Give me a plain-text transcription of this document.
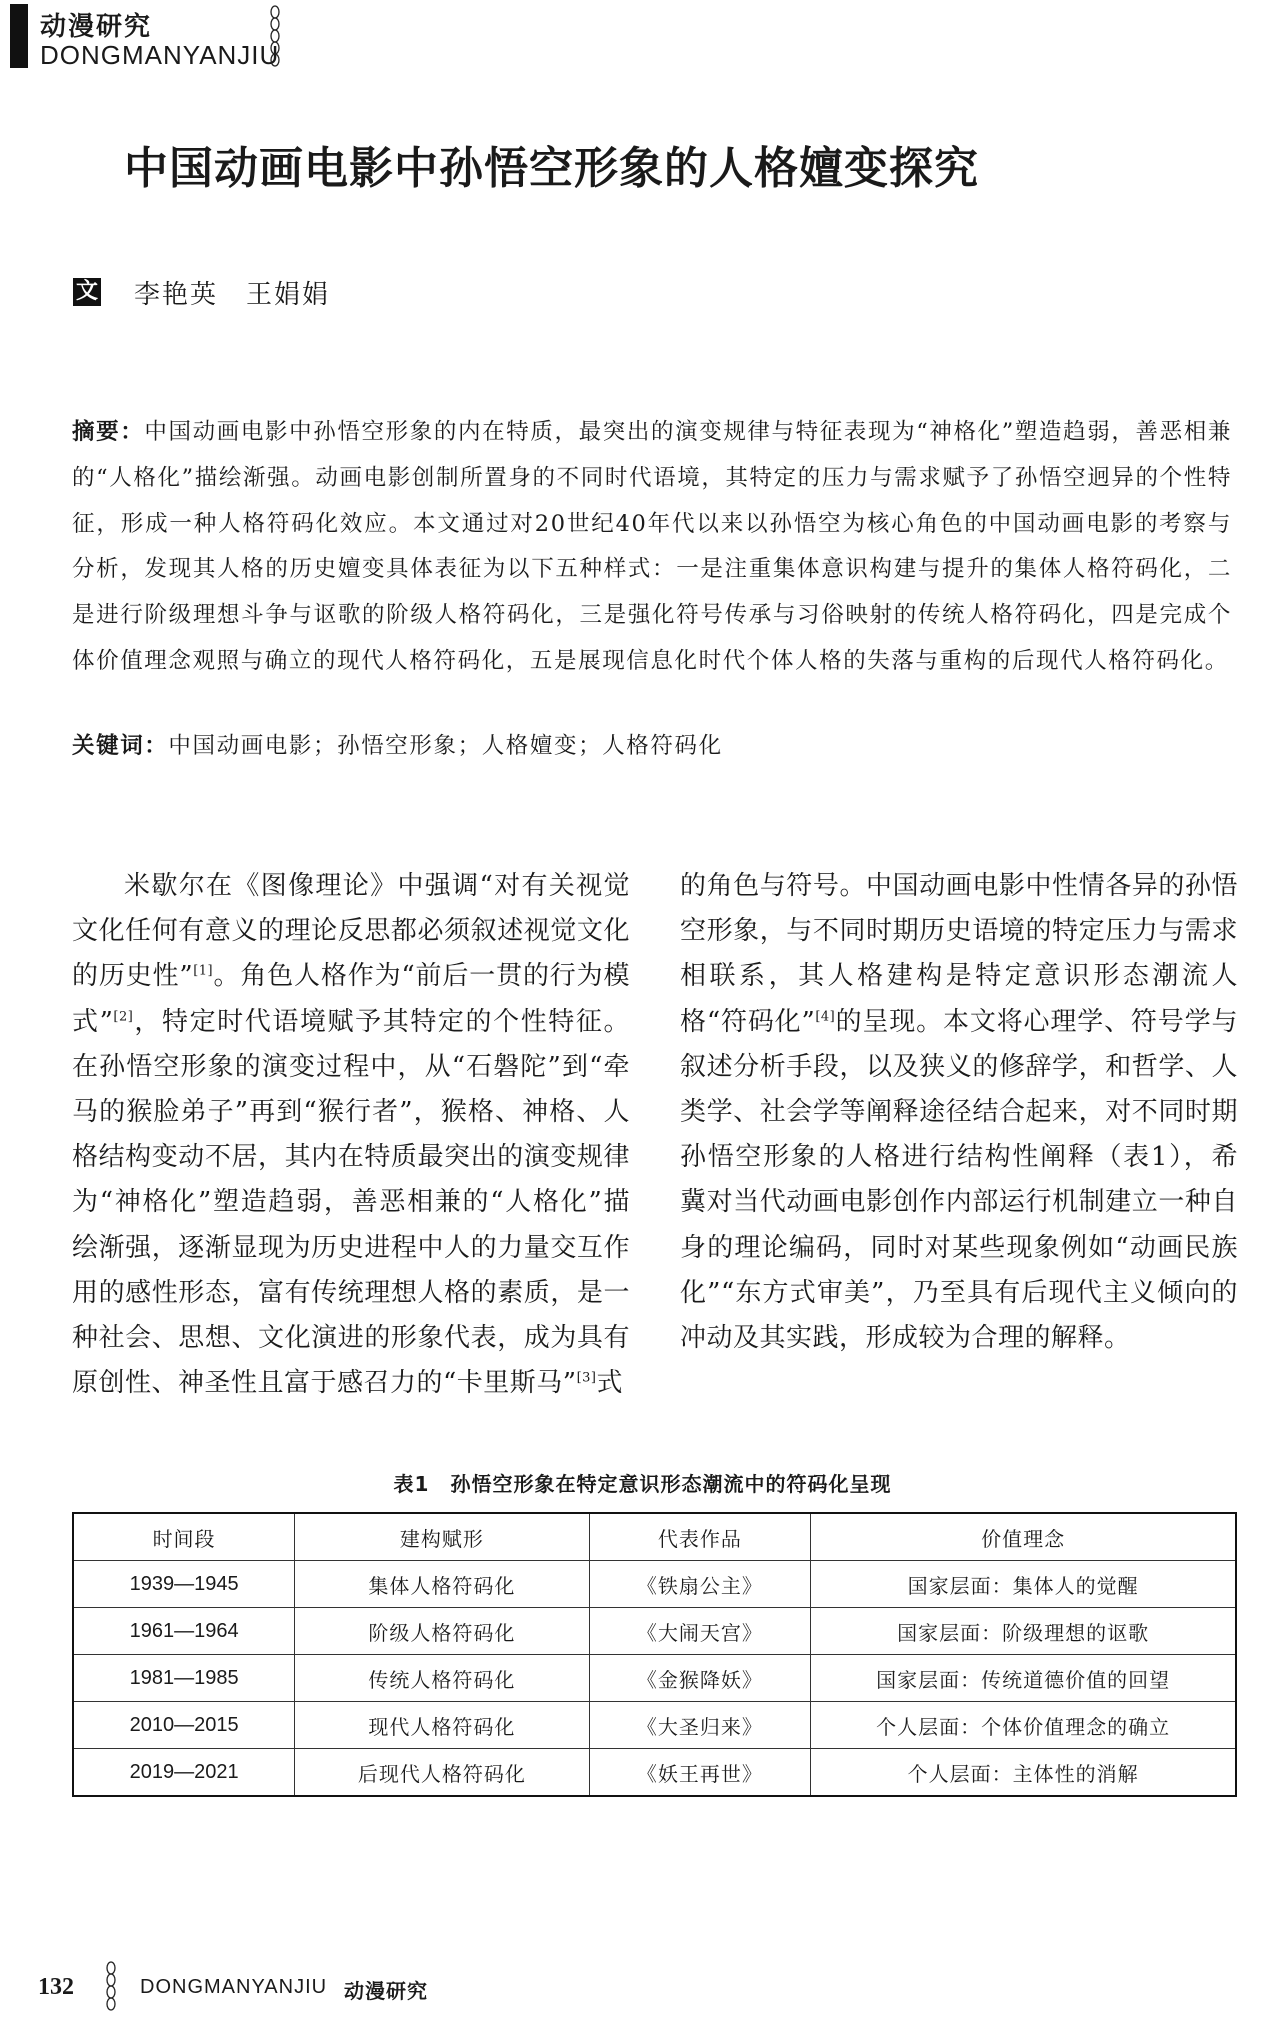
动漫研究
DONGMANYANJIU
中国动画电影中孙悟空形象的人格嬗变探究
文 李艳英　王娟娟
摘要：中国动画电影中孙悟空形象的内在特质，最突出的演变规律与特征表现为“神格化”塑造趋弱，善恶相兼的“人格化”描绘渐强。动画电影创制所置身的不同时代语境，其特定的压力与需求赋予了孙悟空迥异的个性特征，形成一种人格符码化效应。本文通过对20世纪40年代以来以孙悟空为核心角色的中国动画电影的考察与分析，发现其人格的历史嬗变具体表征为以下五种样式：一是注重集体意识构建与提升的集体人格符码化，二是进行阶级理想斗争与讴歌的阶级人格符码化，三是强化符号传承与习俗映射的传统人格符码化，四是完成个体价值理念观照与确立的现代人格符码化，五是展现信息化时代个体人格的失落与重构的后现代人格符码化。
关键词：中国动画电影；孙悟空形象；人格嬗变；人格符码化
米歇尔在《图像理论》中强调“对有关视觉文化任何有意义的理论反思都必须叙述视觉文化的历史性”[1]。角色人格作为“前后一贯的行为模式”[2]，特定时代语境赋予其特定的个性特征。在孙悟空形象的演变过程中，从“石磐陀”到“牵马的猴脸弟子”再到“猴行者”，猴格、神格、人格结构变动不居，其内在特质最突出的演变规律为“神格化”塑造趋弱，善恶相兼的“人格化”描绘渐强，逐渐显现为历史进程中人的力量交互作用的感性形态，富有传统理想人格的素质，是一种社会、思想、文化演进的形象代表，成为具有原创性、神圣性且富于感召力的“卡里斯马”[3]式
的角色与符号。中国动画电影中性情各异的孙悟空形象，与不同时期历史语境的特定压力与需求相联系，其人格建构是特定意识形态潮流人格“符码化”[4]的呈现。本文将心理学、符号学与叙述分析手段，以及狭义的修辞学，和哲学、人类学、社会学等阐释途径结合起来，对不同时期孙悟空形象的人格进行结构性阐释（表1），希冀对当代动画电影创作内部运行机制建立一种自身的理论编码，同时对某些现象例如“动画民族化”“东方式审美”，乃至具有后现代主义倾向的冲动及其实践，形成较为合理的解释。
表1　孙悟空形象在特定意识形态潮流中的符码化呈现
时间段	建构赋形	代表作品	价值理念
1939—1945	集体人格符码化	《铁扇公主》	国家层面：集体人的觉醒
1961—1964	阶级人格符码化	《大闹天宫》	国家层面：阶级理想的讴歌
1981—1985	传统人格符码化	《金猴降妖》	国家层面：传统道德价值的回望
2010—2015	现代人格符码化	《大圣归来》	个人层面：个体价值理念的确立
2019—2021	后现代人格符码化	《妖王再世》	个人层面：主体性的消解
132	DONGMANYANJIU 动漫研究
